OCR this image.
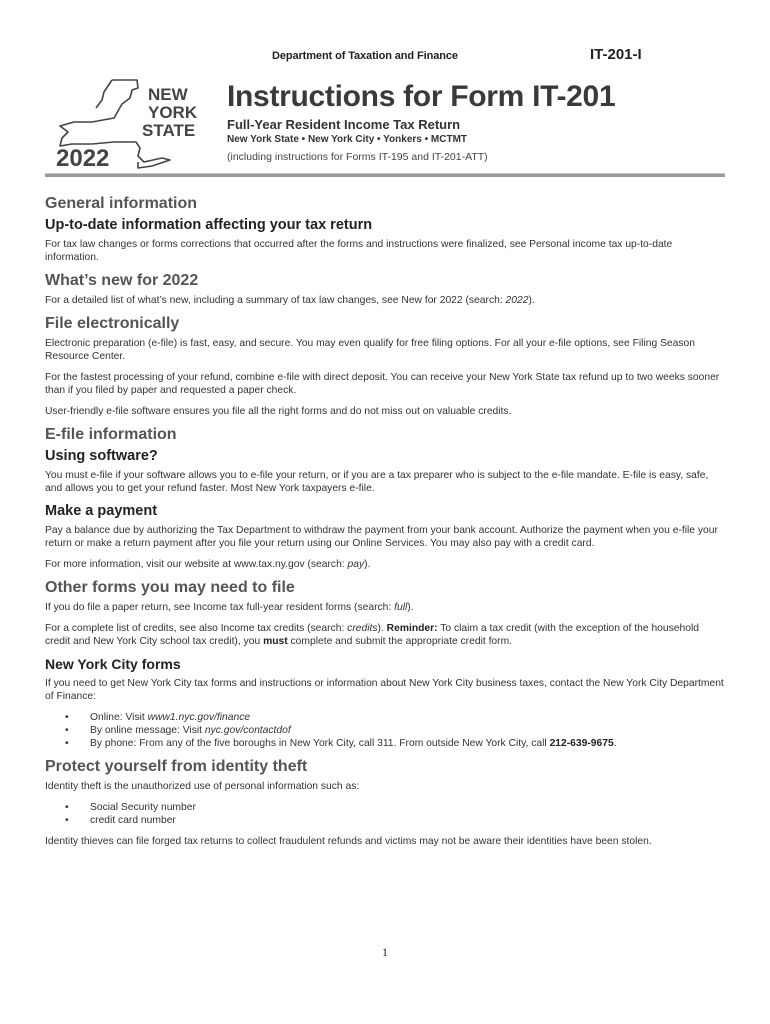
Department of Taxation and Finance	IT-201-I
NEW
YORK
STATE
2022
Instructions for Form IT-201
Full-Year Resident Income Tax Return
New York State • New York City • Yonkers • MCTMT
(including instructions for Forms IT-195 and IT-201-ATT)
General information
Up-to-date information affecting your tax return

For tax law changes or forms corrections that occurred after the forms and instructions were finalized, see Personal income tax up-to-date information.

What’s new for 2022

For a detailed list of what’s new, including a summary of tax law changes, see New for 2022 (search: 2022).

File electronically

Electronic preparation (e-file) is fast, easy, and secure. You may even qualify for free filing options. For all your e-file options, see Filing Season Resource Center.

For the fastest processing of your refund, combine e-file with direct deposit. You can receive your New York State tax refund up to two weeks sooner than if you filed by paper and requested a paper check.

User-friendly e-file software ensures you file all the right forms and do not miss out on valuable credits.

E-file information
Using software?

You must e-file if your software allows you to e-file your return, or if you are a tax preparer who is subject to the e-file mandate. E-file is easy, safe, and allows you to get your refund faster. Most New York taxpayers e-file.

Make a payment

Pay a balance due by authorizing the Tax Department to withdraw the payment from your bank account. Authorize the payment when you e-file your return or make a return payment after you file your return using our Online Services. You may also pay with a credit card.

For more information, visit our website at www.tax.ny.gov (search: pay).

Other forms you may need to file

If you do file a paper return, see Income tax full-year resident forms (search: full).

For a complete list of credits, see also Income tax credits (search: credits). Reminder: To claim a tax credit (with the exception of the household credit and New York City school tax credit), you must complete and submit the appropriate credit form.

New York City forms

If you need to get New York City tax forms and instructions or information about New York City business taxes, contact the New York City Department of Finance:

• Online: Visit www1.nyc.gov/finance
• By online message: Visit nyc.gov/contactdof
• By phone: From any of the five boroughs in New York City, call 311. From outside New York City, call 212-639-9675.
Protect yourself from identity theft

Identity theft is the unauthorized use of personal information such as:

• Social Security number
• credit card number

Identity thieves can file forged tax returns to collect fraudulent refunds and victims may not be aware their identities have been stolen.

1
